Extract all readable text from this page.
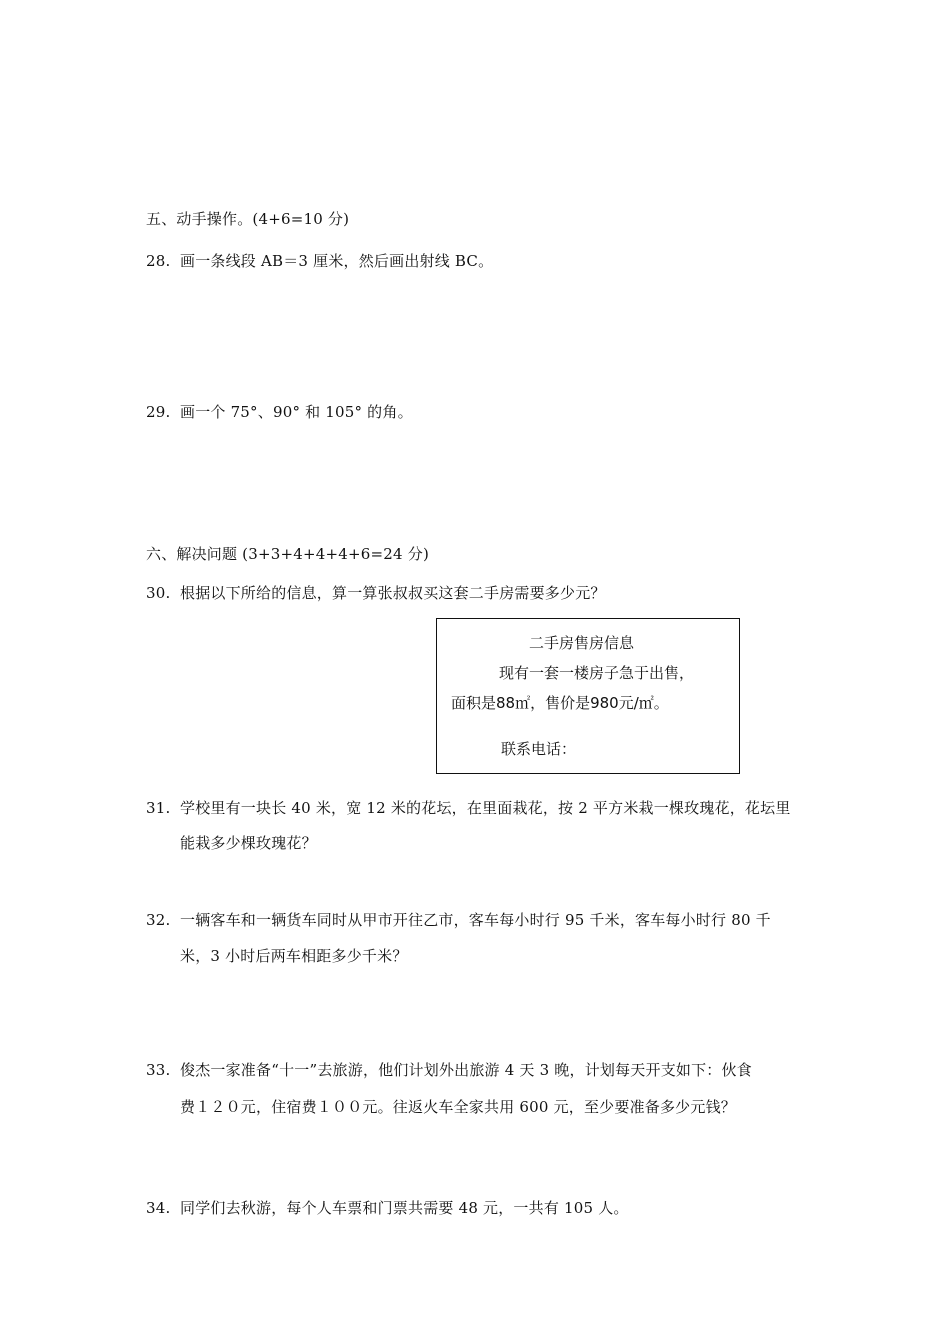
五、动手操作。(4+6=10 分)
28. 画一条线段 AB＝3 厘米，然后画出射线 BC。
29. 画一个 75°、90° 和 105° 的角。
六、解决问题 (3+3+4+4+4+6=24 分)
30. 根据以下所给的信息，算一算张叔叔买这套二手房需要多少元？
二手房售房信息
现有一套一楼房子急于出售，
面积是88㎡，售价是980元/㎡。
联系电话：
31. 学校里有一块长 40 米，宽 12 米的花坛，在里面栽花，按 2 平方米栽一棵玫瑰花，花坛里
能栽多少棵玫瑰花？
32. 一辆客车和一辆货车同时从甲市开往乙市，客车每小时行 95 千米，客车每小时行 80 千
米，3 小时后两车相距多少千米？
33. 俊杰一家准备“十一”去旅游，他们计划外出旅游 4 天 3 晚，计划每天开支如下：伙食
费１２０元，住宿费１００元。往返火车全家共用 600 元，至少要准备多少元钱？
34. 同学们去秋游，每个人车票和门票共需要 48 元，一共有 105 人。
